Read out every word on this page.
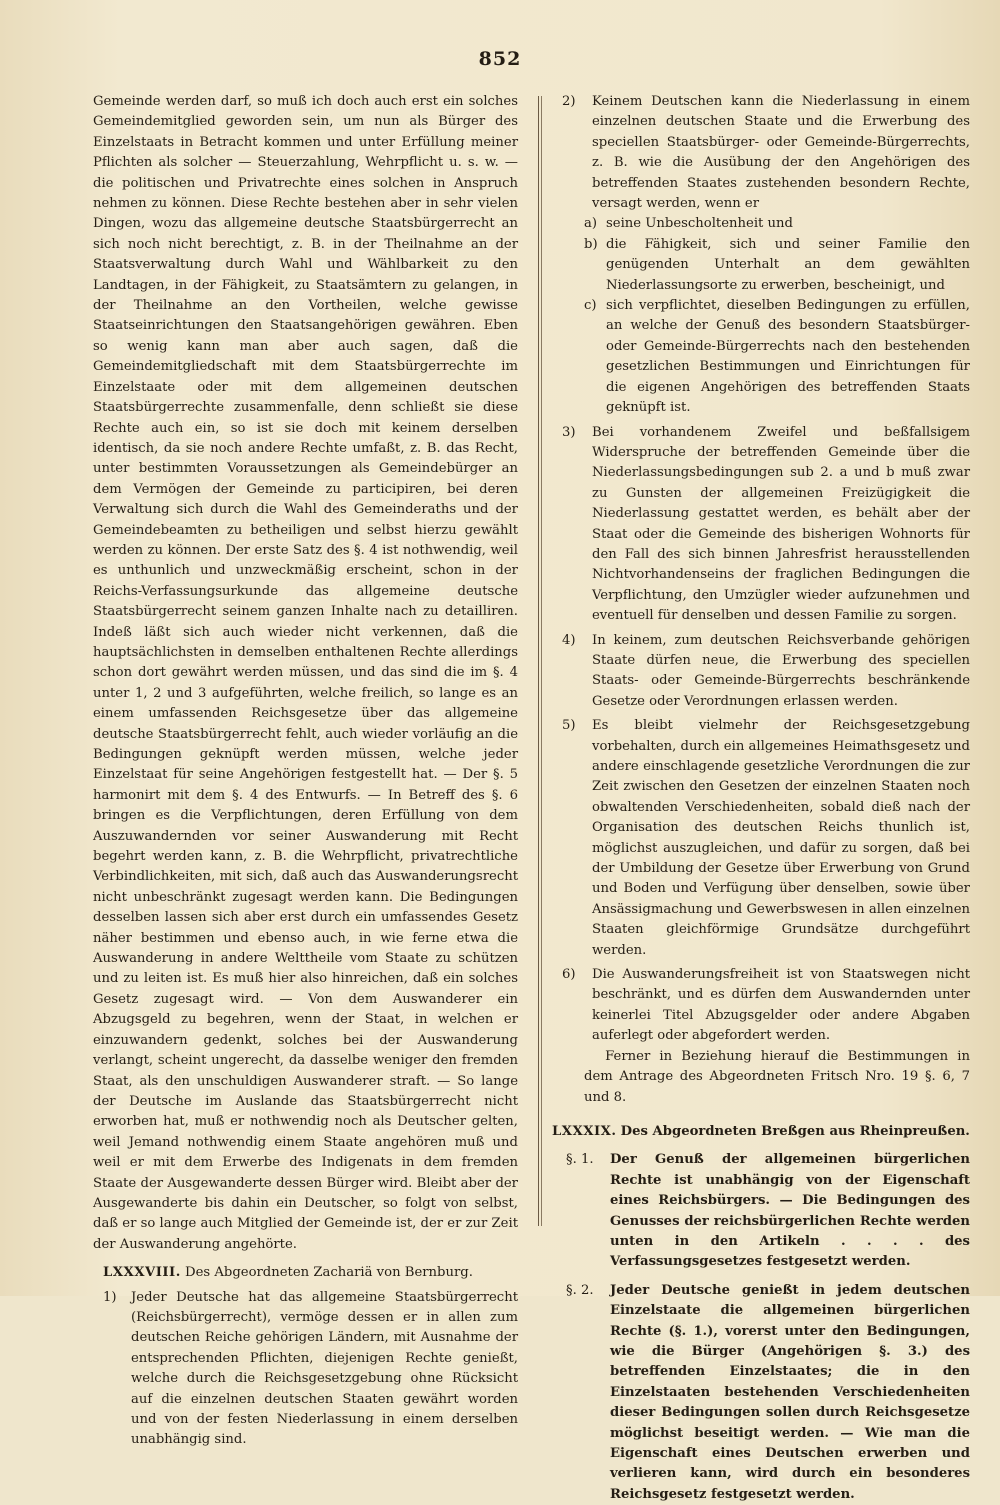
852

Gemeinde werden darf, so muß ich doch auch erst ein solches Gemeindemitglied geworden sein, um nun als Bürger des Einzelstaats in Betracht kommen und unter Erfüllung meiner Pflichten als solcher — Steuerzahlung, Wehrpflicht u. s. w. — die politischen und Privatrechte eines solchen in Anspruch nehmen zu können. Diese Rechte bestehen aber in sehr vielen Dingen, wozu das allgemeine deutsche Staatsbürgerrecht an sich noch nicht berechtigt, z. B. in der Theilnahme an der Staatsverwaltung durch Wahl und Wählbarkeit zu den Landtagen, in der Fähigkeit, zu Staatsämtern zu gelangen, in der Theilnahme an den Vortheilen, welche gewisse Staatseinrichtungen den Staatsangehörigen gewähren. Eben so wenig kann man aber auch sagen, daß die Gemeindemitgliedschaft mit dem Staatsbürgerrechte im Einzelstaate oder mit dem allgemeinen deutschen Staatsbürgerrechte zusammenfalle, denn schließt sie diese Rechte auch ein, so ist sie doch mit keinem derselben identisch, da sie noch andere Rechte umfaßt, z. B. das Recht, unter bestimmten Voraussetzungen als Gemeindebürger an dem Vermögen der Gemeinde zu participiren, bei deren Verwaltung sich durch die Wahl des Gemeinderaths und der Gemeindebeamten zu betheiligen und selbst hierzu gewählt werden zu können. Der erste Satz des §. 4 ist nothwendig, weil es unthunlich und unzweckmäßig erscheint, schon in der Reichs-Verfassungsurkunde das allgemeine deutsche Staatsbürgerrecht seinem ganzen Inhalte nach zu detailliren. Indeß läßt sich auch wieder nicht verkennen, daß die hauptsächlichsten in demselben enthaltenen Rechte allerdings schon dort gewährt werden müssen, und das sind die im §. 4 unter 1, 2 und 3 aufgeführten, welche freilich, so lange es an einem umfassenden Reichsgesetze über das allgemeine deutsche Staatsbürgerrecht fehlt, auch wieder vorläufig an die Bedingungen geknüpft werden müssen, welche jeder Einzelstaat für seine Angehörigen festgestellt hat. — Der §. 5 harmonirt mit dem §. 4 des Entwurfs. — In Betreff des §. 6 bringen es die Verpflichtungen, deren Erfüllung von dem Auszuwandernden vor seiner Auswanderung mit Recht begehrt werden kann, z. B. die Wehrpflicht, privatrechtliche Verbindlichkeiten, mit sich, daß auch das Auswanderungsrecht nicht unbeschränkt zugesagt werden kann. Die Bedingungen desselben lassen sich aber erst durch ein umfassendes Gesetz näher bestimmen und ebenso auch, in wie ferne etwa die Auswanderung in andere Welttheile vom Staate zu schützen und zu leiten ist. Es muß hier also hinreichen, daß ein solches Gesetz zugesagt wird. — Von dem Auswanderer ein Abzugsgeld zu begehren, wenn der Staat, in welchen er einzuwandern gedenkt, solches bei der Auswanderung verlangt, scheint ungerecht, da dasselbe weniger den fremden Staat, als den unschuldigen Auswanderer straft. — So lange der Deutsche im Auslande das Staatsbürgerrecht nicht erworben hat, muß er nothwendig noch als Deutscher gelten, weil Jemand nothwendig einem Staate angehören muß und weil er mit dem Erwerbe des Indigenats in dem fremden Staate der Ausgewanderte dessen Bürger wird. Bleibt aber der Ausgewanderte bis dahin ein Deutscher, so folgt von selbst, daß er so lange auch Mitglied der Gemeinde ist, der er zur Zeit der Auswanderung angehörte.

LXXXVIII. Des Abgeordneten Zachariä von Bernburg.

1)	Jeder Deutsche hat das allgemeine Staatsbürgerrecht (Reichsbürgerrecht), vermöge dessen er in allen zum deutschen Reiche gehörigen Ländern, mit Ausnahme der entsprechenden Pflichten, diejenigen Rechte genießt, welche durch die Reichsgesetzgebung ohne Rücksicht auf die einzelnen deutschen Staaten gewährt worden und von der festen Niederlassung in einem derselben unabhängig sind.
2)	Keinem Deutschen kann die Niederlassung in einem einzelnen deutschen Staate und die Erwerbung des speciellen Staatsbürger- oder Gemeinde-Bürgerrechts, z. B. wie die Ausübung der den Angehörigen des betreffenden Staates zustehenden besondern Rechte, versagt werden, wenn er
a) seine Unbescholtenheit und
b) die Fähigkeit, sich und seiner Familie den genügenden Unterhalt an dem gewählten Niederlassungsorte zu erwerben, bescheinigt, und
c) sich verpflichtet, dieselben Bedingungen zu erfüllen, an welche der Genuß des besondern Staatsbürger- oder Gemeinde-Bürgerrechts nach den bestehenden gesetzlichen Bestimmungen und Einrichtungen für die eigenen Angehörigen des betreffenden Staats geknüpft ist.
3)	Bei vorhandenem Zweifel und beßfallsigem Widerspruche der betreffenden Gemeinde über die Niederlassungsbedingungen sub 2. a und b muß zwar zu Gunsten der allgemeinen Freizügigkeit die Niederlassung gestattet werden, es behält aber der Staat oder die Gemeinde des bisherigen Wohnorts für den Fall des sich binnen Jahresfrist herausstellenden Nichtvorhandenseins der fraglichen Bedingungen die Verpflichtung, den Umzügler wieder aufzunehmen und eventuell für denselben und dessen Familie zu sorgen.
4)	In keinem, zum deutschen Reichsverbande gehörigen Staate dürfen neue, die Erwerbung des speciellen Staats- oder Gemeinde-Bürgerrechts beschränkende Gesetze oder Verordnungen erlassen werden.
5)	Es bleibt vielmehr der Reichsgesetzgebung vorbehalten, durch ein allgemeines Heimathsgesetz und andere einschlagende gesetzliche Verordnungen die zur Zeit zwischen den Gesetzen der einzelnen Staaten noch obwaltenden Verschiedenheiten, sobald dieß nach der Organisation des deutschen Reichs thunlich ist, möglichst auszugleichen, und dafür zu sorgen, daß bei der Umbildung der Gesetze über Erwerbung von Grund und Boden und Verfügung über denselben, sowie über Ansässigmachung und Gewerbswesen in allen einzelnen Staaten gleichförmige Grundsätze durchgeführt werden.
6)	Die Auswanderungsfreiheit ist von Staatswegen nicht beschränkt, und es dürfen dem Auswandernden unter keinerlei Titel Abzugsgelder oder andere Abgaben auferlegt oder abgefordert werden.

Ferner in Beziehung hierauf die Bestimmungen in dem Antrage des Abgeordneten Fritsch Nro. 19 §. 6, 7 und 8.

LXXXIX. Des Abgeordneten Breßgen aus Rheinpreußen.

§. 1.	Der Genuß der allgemeinen bürgerlichen Rechte ist unabhängig von der Eigenschaft eines Reichsbürgers. — Die Bedingungen des Genusses der reichsbürgerlichen Rechte werden unten in den Artikeln . . . . des Verfassungsgesetzes festgesetzt werden.
§. 2.	Jeder Deutsche genießt in jedem deutschen Einzelstaate die allgemeinen bürgerlichen Rechte (§. 1.), vorerst unter den Bedingungen, wie die Bürger (Angehörigen §. 3.) des betreffenden Einzelstaates; die in den Einzelstaaten bestehenden Verschiedenheiten dieser Bedingungen sollen durch Reichsgesetze möglichst beseitigt werden. — Wie man die Eigenschaft eines Deutschen erwerben und verlieren kann, wird durch ein besonderes Reichsgesetz festgesetzt werden.
